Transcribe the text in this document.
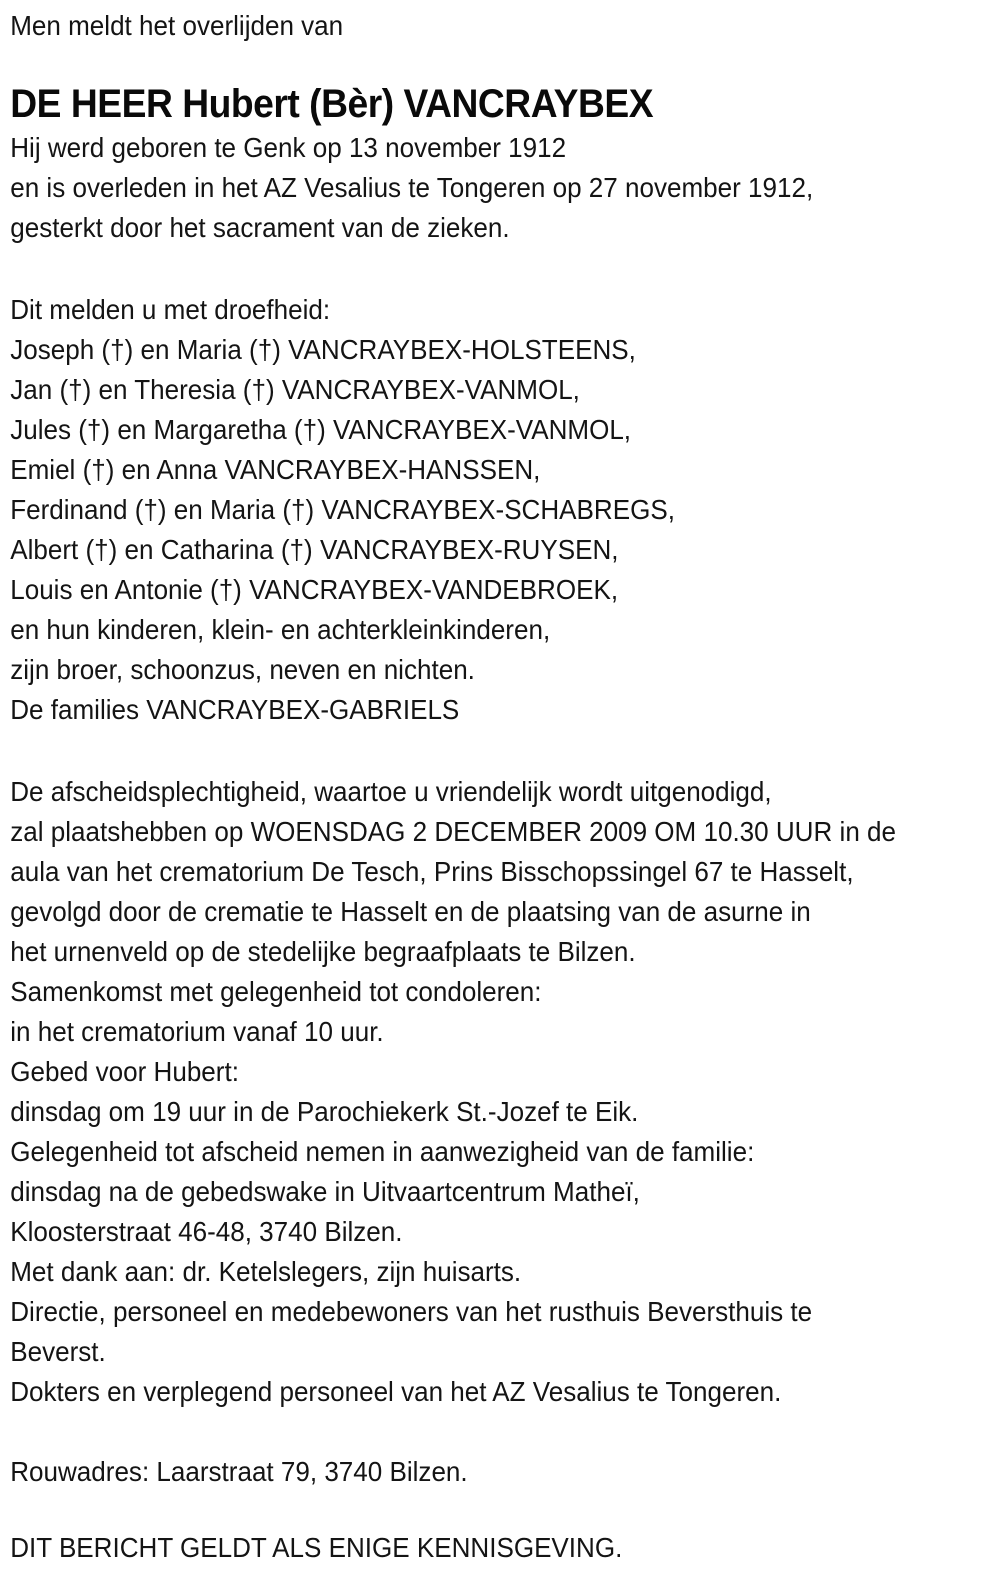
Men meldt het overlijden van
DE HEER Hubert (Bèr) VANCRAYBEX
Hij werd geboren te Genk op 13 november 1912
en is overleden in het AZ Vesalius te Tongeren op 27 november 1912,
gesterkt door het sacrament van de zieken.
Dit melden u met droefheid:
Joseph (†) en Maria (†) VANCRAYBEX-HOLSTEENS,
Jan (†) en Theresia (†) VANCRAYBEX-VANMOL,
Jules (†) en Margaretha (†) VANCRAYBEX-VANMOL,
Emiel (†) en Anna VANCRAYBEX-HANSSEN,
Ferdinand (†) en Maria (†) VANCRAYBEX-SCHABREGS,
Albert (†) en Catharina (†) VANCRAYBEX-RUYSEN,
Louis en Antonie (†) VANCRAYBEX-VANDEBROEK,
en hun kinderen, klein- en achterkleinkinderen,
zijn broer, schoonzus, neven en nichten.
De families VANCRAYBEX-GABRIELS
De afscheidsplechtigheid, waartoe u vriendelijk wordt uitgenodigd,
zal plaatshebben op WOENSDAG 2 DECEMBER 2009 OM 10.30 UUR in de
aula van het crematorium De Tesch, Prins Bisschopssingel 67 te Hasselt,
gevolgd door de crematie te Hasselt en de plaatsing van de asurne in
het urnenveld op de stedelijke begraafplaats te Bilzen.
Samenkomst met gelegenheid tot condoleren:
in het crematorium vanaf 10 uur.
Gebed voor Hubert:
dinsdag om 19 uur in de Parochiekerk St.-Jozef te Eik.
Gelegenheid tot afscheid nemen in aanwezigheid van de familie:
dinsdag na de gebedswake in Uitvaartcentrum Matheï,
Kloosterstraat 46-48, 3740 Bilzen.
Met dank aan: dr. Ketelslegers, zijn huisarts.
Directie, personeel en medebewoners van het rusthuis Beversthuis te
Beverst.
Dokters en verplegend personeel van het AZ Vesalius te Tongeren.
Rouwadres: Laarstraat 79, 3740 Bilzen.
DIT BERICHT GELDT ALS ENIGE KENNISGEVING.
